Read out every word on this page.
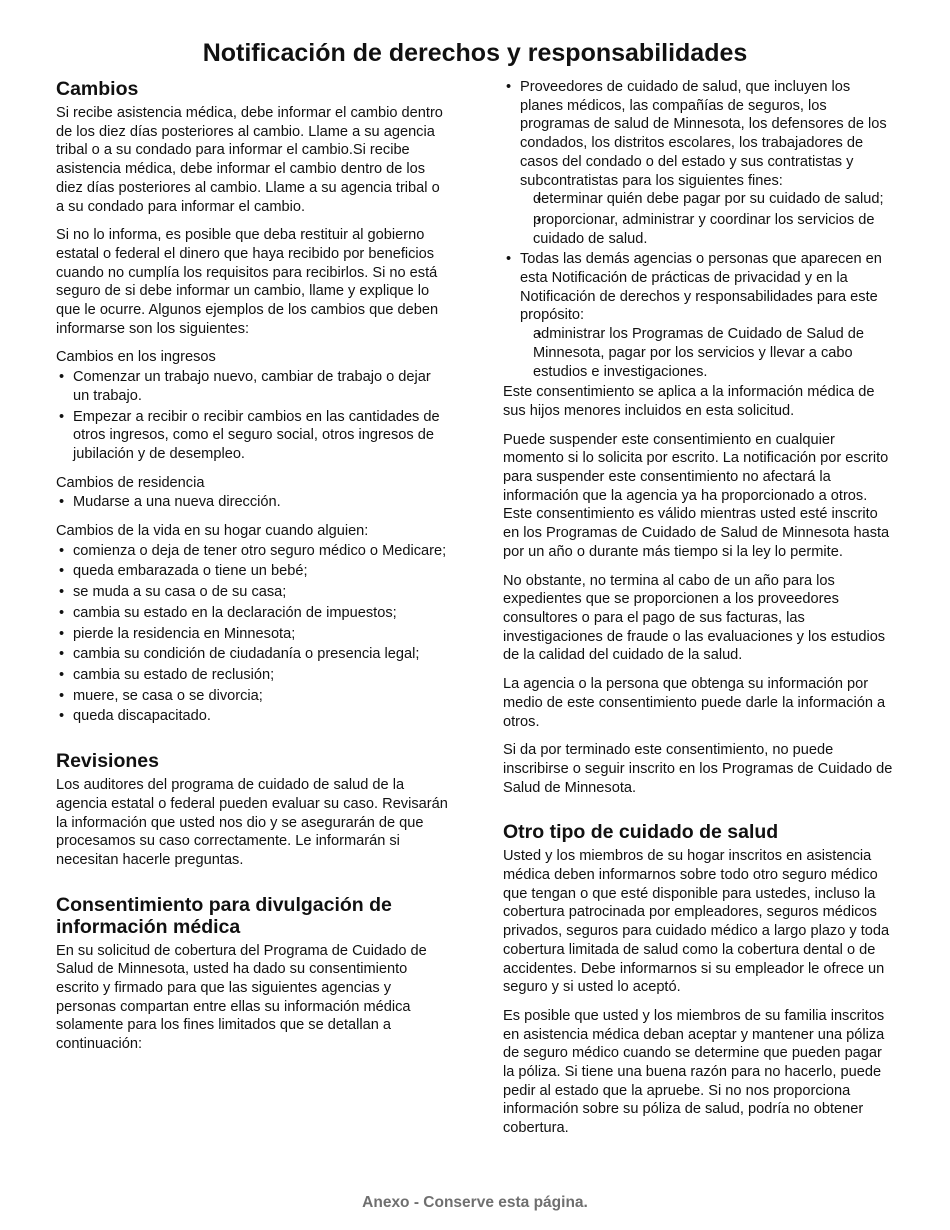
Notificación de derechos y responsabilidades
Cambios

Si recibe asistencia médica, debe informar el cambio dentro de los diez días posteriores al cambio. Llame a su agencia tribal o a su condado para informar el cambio.Si recibe asistencia médica, debe informar el cambio dentro de los diez días posteriores al cambio. Llame a su agencia tribal o a su condado para informar el cambio.

Si no lo informa, es posible que deba restituir al gobierno estatal o federal el dinero que haya recibido por beneficios cuando no cumplía los requisitos para recibirlos. Si no está seguro de si debe informar un cambio, llame y explique lo que le ocurre. Algunos ejemplos de los cambios que deben informarse son los siguientes:

Cambios en los ingresos
• Comenzar un trabajo nuevo, cambiar de trabajo o dejar un trabajo.
• Empezar a recibir o recibir cambios en las cantidades de otros ingresos, como el seguro social, otros ingresos de jubilación y de desempleo.
Cambios de residencia
• Mudarse a una nueva dirección.
Cambios de la vida en su hogar cuando alguien:
• comienza o deja de tener otro seguro médico o Medicare;
• queda embarazada o tiene un bebé;
• se muda a su casa o de su casa;
• cambia su estado en la declaración de impuestos;
• pierde la residencia en Minnesota;
• cambia su condición de ciudadanía o presencia legal;
• cambia su estado de reclusión;
• muere, se casa o se divorcia;
• queda discapacitado.
Revisiones

Los auditores del programa de cuidado de salud de la agencia estatal o federal pueden evaluar su caso. Revisarán la información que usted nos dio y se asegurarán de que procesamos su caso correctamente. Le informarán si necesitan hacerle preguntas.

Consentimiento para divulgación de información médica

En su solicitud de cobertura del Programa de Cuidado de Salud de Minnesota, usted ha dado su consentimiento escrito y firmado para que las siguientes agencias y personas compartan entre ellas su información médica solamente para los fines limitados que se detallan a continuación:

• Proveedores de cuidado de salud, que incluyen los planes médicos, las compañías de seguros, los programas de salud de Minnesota, los defensores de los condados, los distritos escolares, los trabajadores de casos del condado o del estado y sus contratistas y subcontratistas para los siguientes fines:
• determinar quién debe pagar por su cuidado de salud;
• proporcionar, administrar y coordinar los servicios de cuidado de salud.
• Todas las demás agencias o personas que aparecen en esta Notificación de prácticas de privacidad y en la Notificación de derechos y responsabilidades para este propósito:
• administrar los Programas de Cuidado de Salud de Minnesota, pagar por los servicios y llevar a cabo estudios e investigaciones.

Este consentimiento se aplica a la información médica de sus hijos menores incluidos en esta solicitud.

Puede suspender este consentimiento en cualquier momento si lo solicita por escrito. La notificación por escrito para suspender este consentimiento no afectará la información que la agencia ya ha proporcionado a otros. Este consentimiento es válido mientras usted esté inscrito en los Programas de Cuidado de Salud de Minnesota hasta por un año o durante más tiempo si la ley lo permite.

No obstante, no termina al cabo de un año para los expedientes que se proporcionen a los proveedores consultores o para el pago de sus facturas, las investigaciones de fraude o las evaluaciones y los estudios de la calidad del cuidado de la salud.

La agencia o la persona que obtenga su información por medio de este consentimiento puede darle la información a otros.

Si da por terminado este consentimiento, no puede inscribirse o seguir inscrito en los Programas de Cuidado de Salud de Minnesota.

Otro tipo de cuidado de salud

Usted y los miembros de su hogar inscritos en asistencia médica deben informarnos sobre todo otro seguro médico que tengan o que esté disponible para ustedes, incluso la cobertura patrocinada por empleadores, seguros médicos privados, seguros para cuidado médico a largo plazo y toda cobertura limitada de salud como la cobertura dental o de accidentes. Debe informarnos si su empleador le ofrece un seguro y si usted lo aceptó.

Es posible que usted y los miembros de su familia inscritos en asistencia médica deban aceptar y mantener una póliza de seguro médico cuando se determine que pueden pagar la póliza. Si tiene una buena razón para no hacerlo, puede pedir al estado que la apruebe. Si no nos proporciona información sobre su póliza de salud, podría no obtener cobertura.

Anexo - Conserve esta página.
